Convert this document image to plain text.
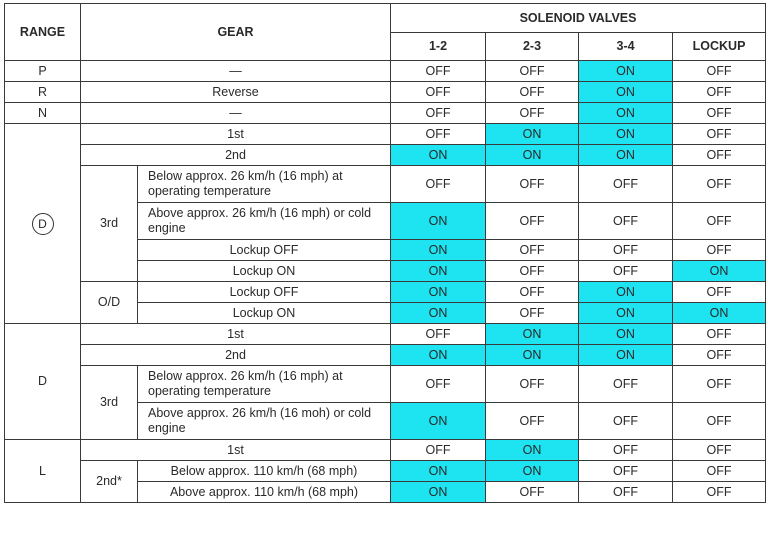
RANGE	GEAR		SOLENOID VALVES			
			1-2	2-3	3-4	LOCKUP
P	—		OFF	OFF	ON	OFF
R	Reverse		OFF	OFF	ON	OFF
N	—		OFF	OFF	ON	OFF
D	1st		OFF	ON	ON	OFF
	2nd		ON	ON	ON	OFF
	3rd	Below approx. 26 km/h (16 mph) at operating temperature	OFF	OFF	OFF	OFF
		Above approx. 26 km/h (16 mph) or cold engine	ON	OFF	OFF	OFF
		Lockup OFF	ON	OFF	OFF	OFF
		Lockup ON	ON	OFF	OFF	ON
	O/D	Lockup OFF	ON	OFF	ON	OFF
		Lockup ON	ON	OFF	ON	ON
D	1st		OFF	ON	ON	OFF
	2nd		ON	ON	ON	OFF
	3rd	Below approx. 26 km/h (16 mph) at operating temperature	OFF	OFF	OFF	OFF
		Above approx. 26 km/h (16 moh) or cold engine	ON	OFF	OFF	OFF
L	1st		OFF	ON	OFF	OFF
	2nd*	Below approx. 110 km/h (68 mph)	ON	ON	OFF	OFF
		Above approx. 110 km/h (68 mph)	ON	OFF	OFF	OFF
